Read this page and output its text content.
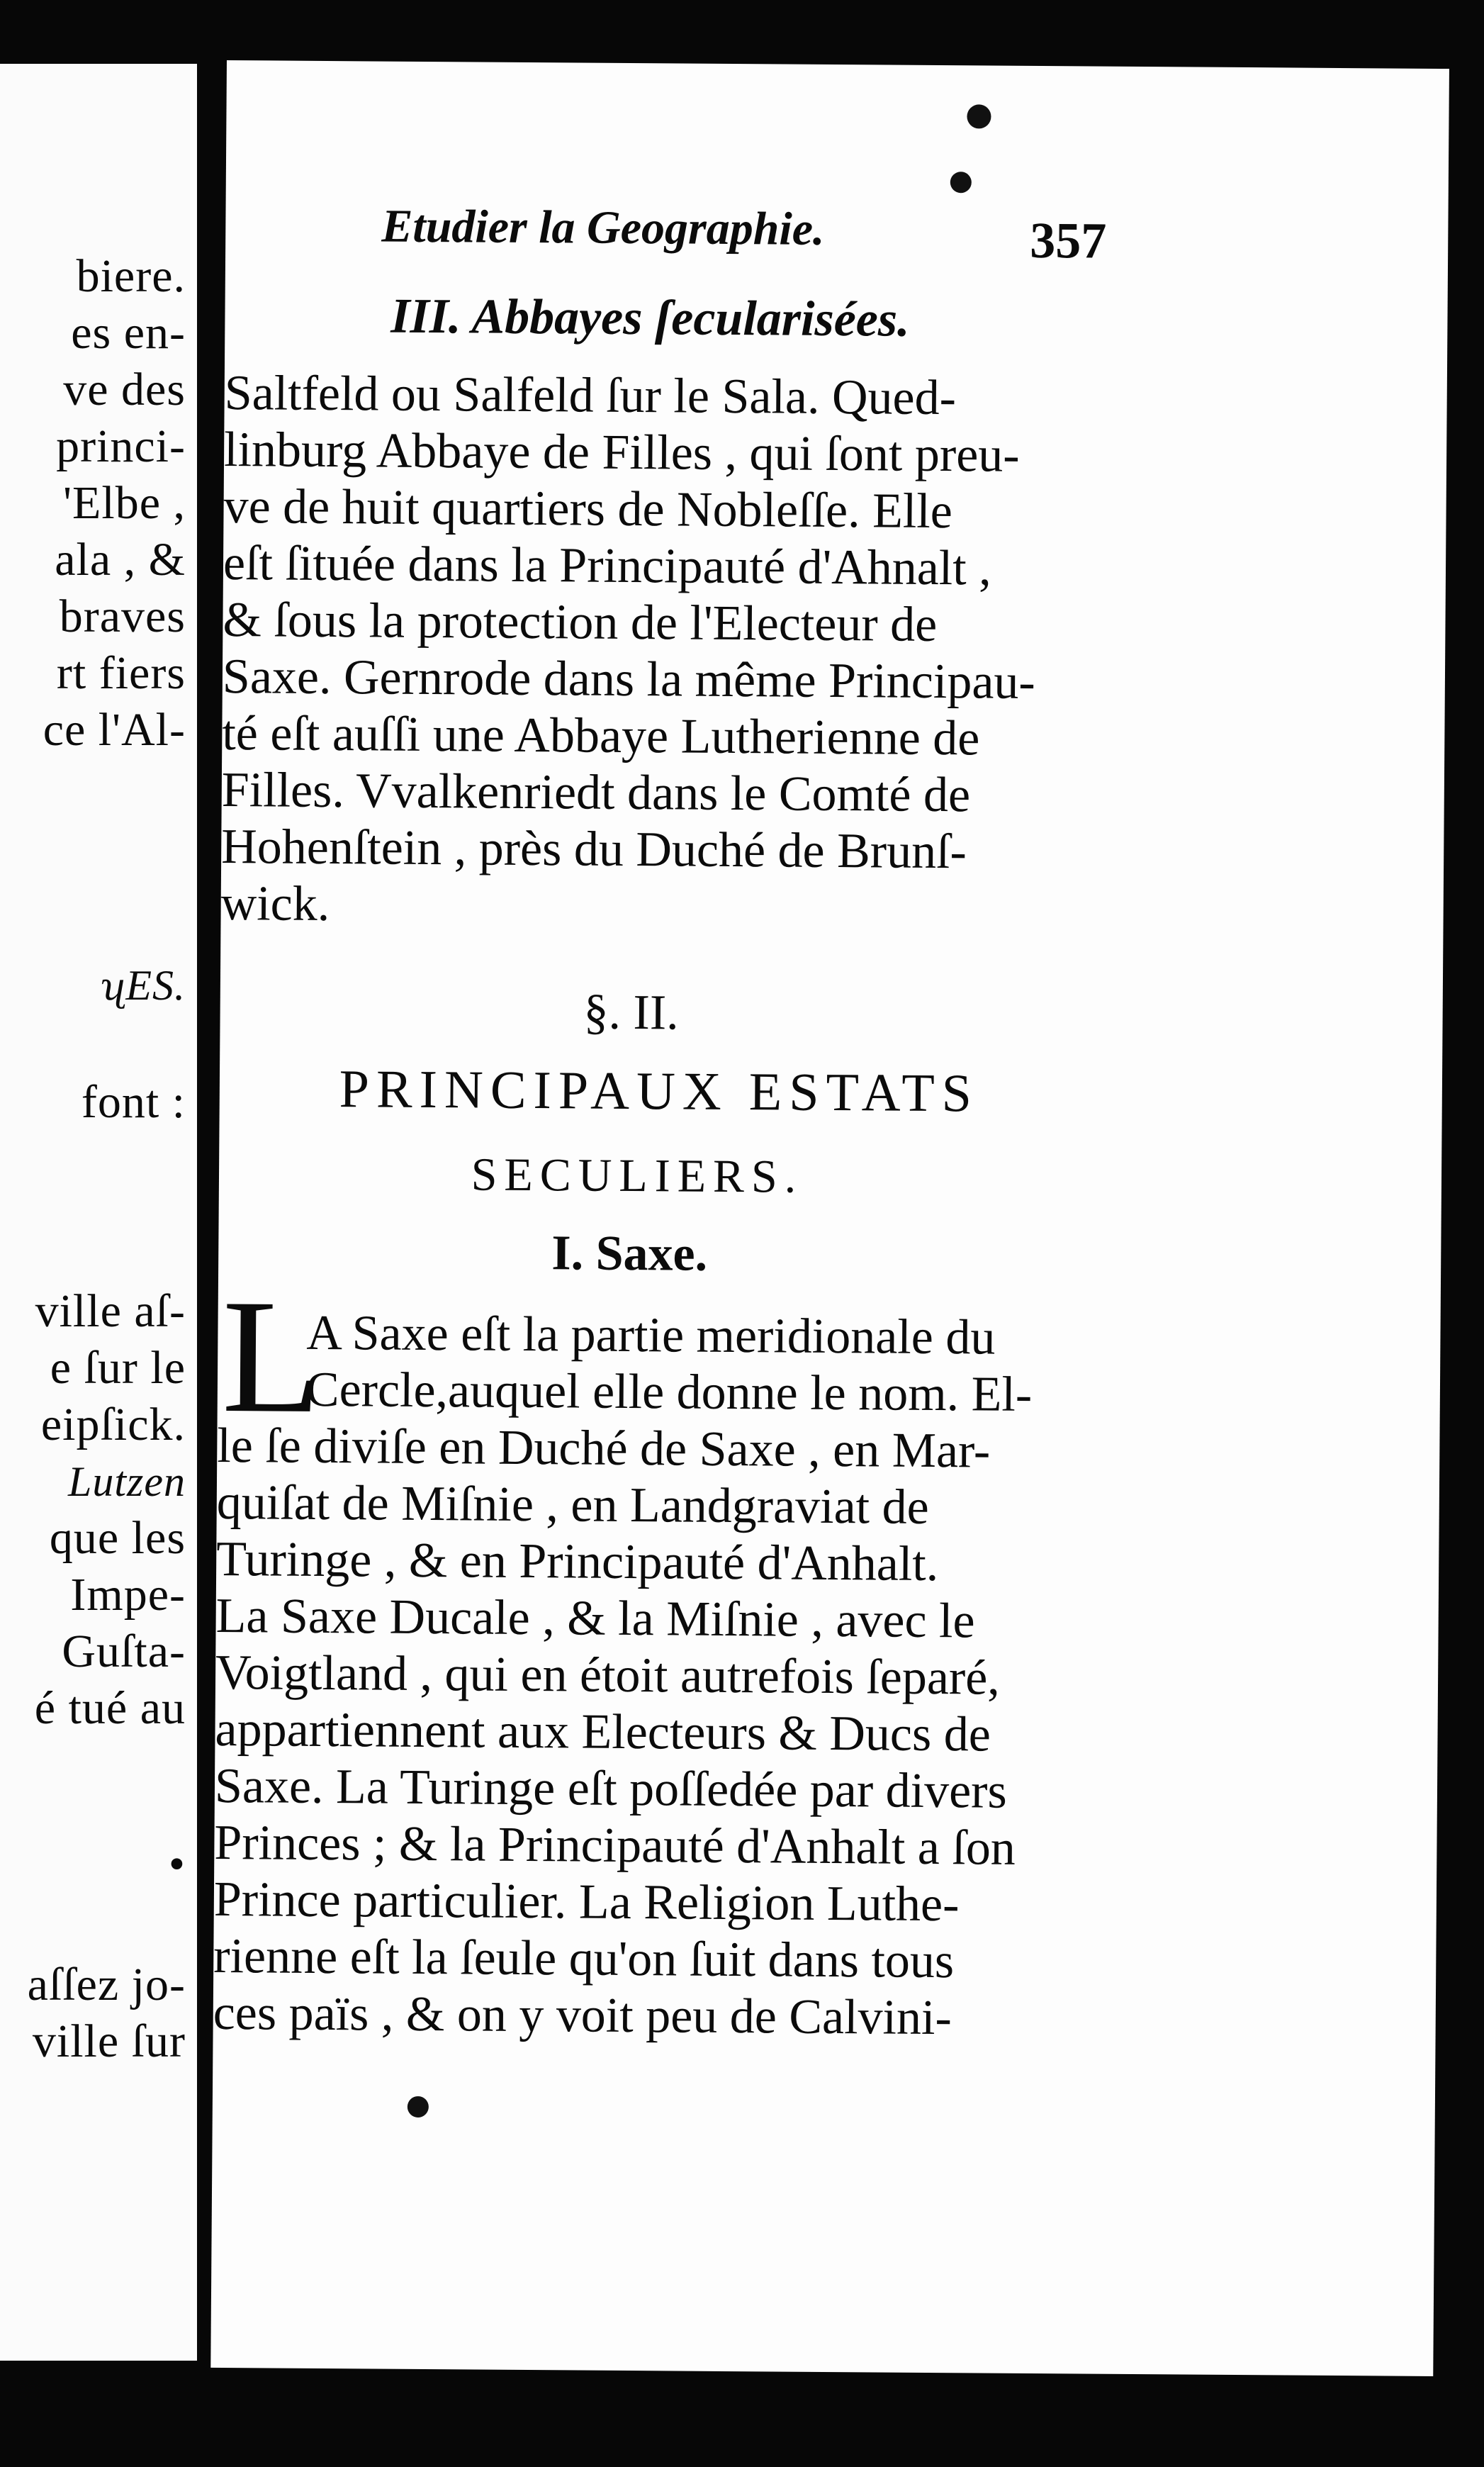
biere.
es en-
ve des
princi-
'Elbe ,
ala , &
braves
rt fiers
ce l'Al-
ʯES.
font :
ville aſ-
e ſur le
eipſick.
Lutzen
que les
Impe-
Guſta-
é tué au
•
aſſez jo-
ville ſur
Etudier la Geographie.	357
III. Abbayes ſecularisées.
Saltfeld ou Salfeld ſur le Sala. Qued-
linburg Abbaye de Filles , qui ſont preu-
ve de huit quartiers de Nobleſſe. Elle
eſt ſituée dans la Principauté d'Ahnalt ,
& ſous la protection de l'Electeur de
Saxe. Gernrode dans la même Principau-
té eſt auſſi une Abbaye Lutherienne de
Filles. Vvalkenriedt dans le Comté de
Hohenſtein , près du Duché de Brunſ-
wick.
§. II.
PRINCIPAUX ESTATS
SECULIERS.
I. Saxe.
L
A Saxe eſt la partie meridionale du
Cercle,auquel elle donne le nom. El-
le ſe diviſe en Duché de Saxe , en Mar-
quiſat de Miſnie , en Landgraviat de
Turinge , & en Principauté d'Anhalt.
La Saxe Ducale , & la Miſnie , avec le
Voigtland , qui en étoit autrefois ſeparé,
appartiennent aux Electeurs & Ducs de
Saxe. La Turinge eſt poſſedée par divers
Princes ; & la Principauté d'Anhalt a ſon
Prince particulier. La Religion Luthe-
rienne eſt la ſeule qu'on ſuit dans tous
ces païs , & on y voit peu de Calvini-
